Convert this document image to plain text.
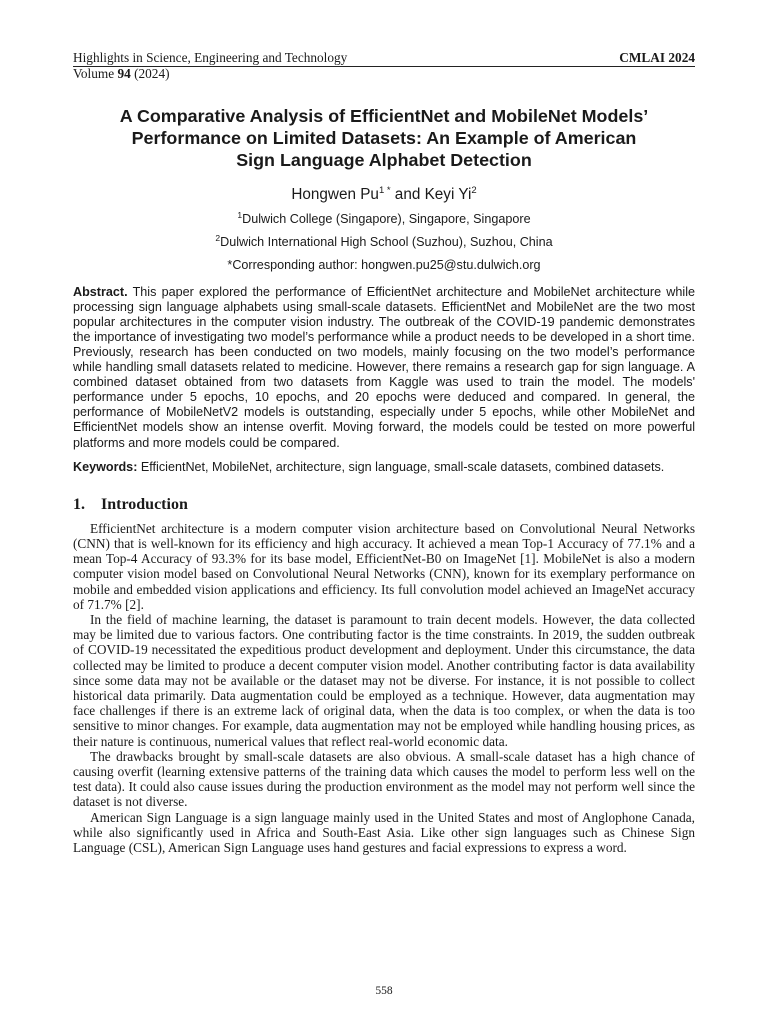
Highlights in Science, Engineering and Technology	CMLAI 2024
Volume 94 (2024)
A Comparative Analysis of EfficientNet and MobileNet Models’
Performance on Limited Datasets: An Example of American
Sign Language Alphabet Detection
Hongwen $Pu^{1 *}$ and Keyi Yi$^2$
$^1$Dulwich College (Singapore), Singapore, Singapore
$^2$Dulwich International High School (Suzhou), Suzhou, China
*Corresponding author: hongwen.pu25@stu.dulwich.org
Abstract. This paper explored the performance of EfficientNet architecture and MobileNet architecture while processing sign language alphabets using small-scale datasets. EfficientNet and MobileNet are the two most popular architectures in the computer vision industry. The outbreak of the COVID-19 pandemic demonstrates the importance of investigating two model’s performance while a product needs to be developed in a short time. Previously, research has been conducted on two models, mainly focusing on the two model’s performance while handling small datasets related to medicine. However, there remains a research gap for sign language. A combined dataset obtained from two datasets from Kaggle was used to train the model. The models' performance under 5 epochs, 10 epochs, and 20 epochs were deduced and compared. In general, the performance of MobileNetV2 models is outstanding, especially under 5 epochs, while other MobileNet and EfficientNet models show an intense overfit. Moving forward, the models could be tested on more powerful platforms and more models could be compared.
Keywords: EfficientNet, MobileNet, architecture, sign language, small-scale datasets, combined datasets.
1. Introduction

EfficientNet architecture is a modern computer vision architecture based on Convolutional Neural Networks (CNN) that is well-known for its efficiency and high accuracy. It achieved a mean Top-1 Accuracy of 77.1% and a mean Top-4 Accuracy of 93.3% for its base model, EfficientNet-B0 on ImageNet [1]. MobileNet is also a modern computer vision model based on Convolutional Neural Networks (CNN), known for its exemplary performance on mobile and embedded vision applications and efficiency. Its full convolution model achieved an ImageNet accuracy of 71.7% [2].

In the field of machine learning, the dataset is paramount to train decent models. However, the data collected may be limited due to various factors. One contributing factor is the time constraints. In 2019, the sudden outbreak of COVID-19 necessitated the expeditious product development and deployment. Under this circumstance, the data collected may be limited to produce a decent computer vision model. Another contributing factor is data availability since some data may not be available or the dataset may not be diverse. For instance, it is not possible to collect historical data primarily. Data augmentation could be employed as a technique. However, data augmentation may face challenges if there is an extreme lack of original data, when the data is too complex, or when the data is too sensitive to minor changes. For example, data augmentation may not be employed while handling housing prices, as their nature is continuous, numerical values that reflect real-world economic data.

The drawbacks brought by small-scale datasets are also obvious. A small-scale dataset has a high chance of causing overfit (learning extensive patterns of the training data which causes the model to perform less well on the test data). It could also cause issues during the production environment as the model may not perform well since the dataset is not diverse.

American Sign Language is a sign language mainly used in the United States and most of Anglophone Canada, while also significantly used in Africa and South-East Asia. Like other sign languages such as Chinese Sign Language (CSL), American Sign Language uses hand gestures and facial expressions to express a word.

558
